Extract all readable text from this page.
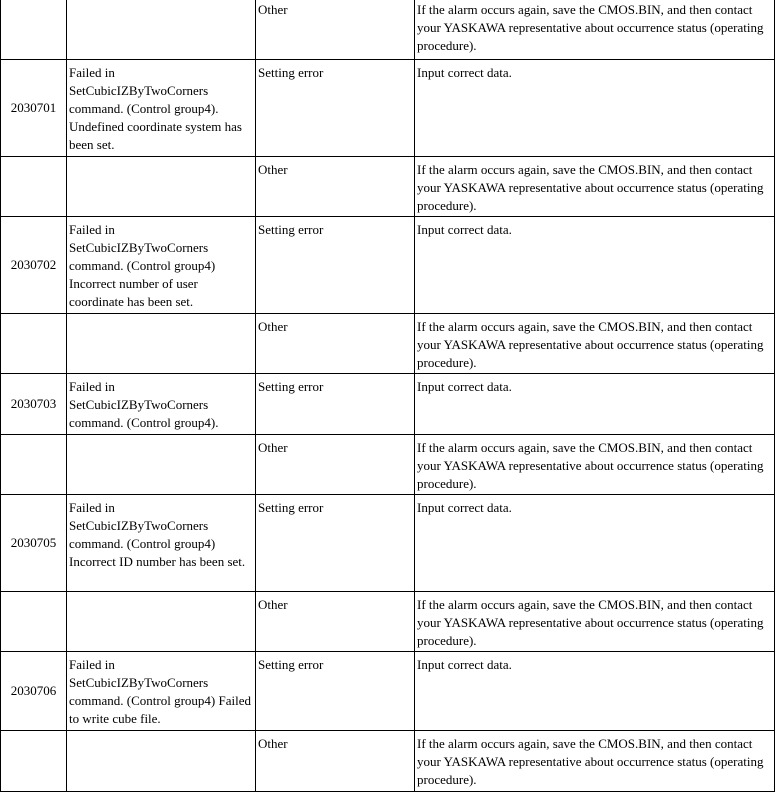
		Other	If the alarm occurs again, save the CMOS.BIN, and then contact your YASKAWA representative about occurrence status (operating procedure).
2030701	Failed in SetCubicIZByTwoCorners command. (Control group4). Undefined coordinate system has been set.	Setting error	Input correct data.
		Other	If the alarm occurs again, save the CMOS.BIN, and then contact your YASKAWA representative about occurrence status (operating procedure).
2030702	Failed in SetCubicIZByTwoCorners command. (Control group4) Incorrect number of user coordinate has been set.	Setting error	Input correct data.
		Other	If the alarm occurs again, save the CMOS.BIN, and then contact your YASKAWA representative about occurrence status (operating procedure).
2030703	Failed in SetCubicIZByTwoCorners command. (Control group4).	Setting error	Input correct data.
		Other	If the alarm occurs again, save the CMOS.BIN, and then contact your YASKAWA representative about occurrence status (operating procedure).
2030705	Failed in SetCubicIZByTwoCorners command. (Control group4) Incorrect ID number has been set.	Setting error	Input correct data.
		Other	If the alarm occurs again, save the CMOS.BIN, and then contact your YASKAWA representative about occurrence status (operating procedure).
2030706	Failed in SetCubicIZByTwoCorners command. (Control group4) Failed to write cube file.	Setting error	Input correct data.
		Other	If the alarm occurs again, save the CMOS.BIN, and then contact your YASKAWA representative about occurrence status (operating procedure).
